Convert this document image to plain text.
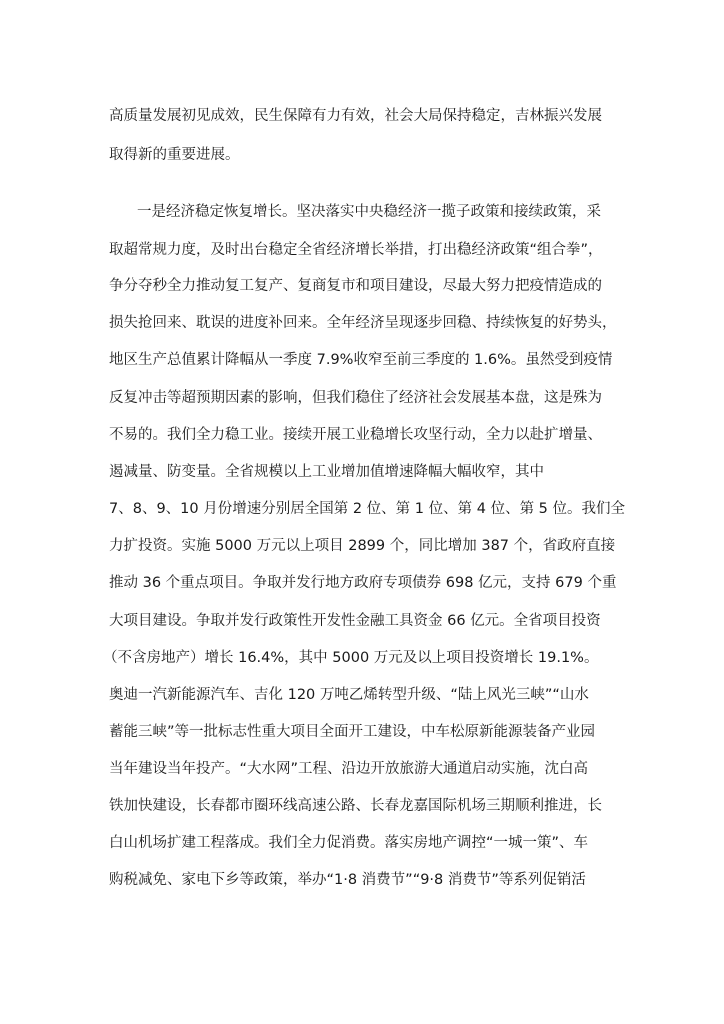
高质量发展初见成效，民生保障有力有效，社会大局保持稳定，吉林振兴发展
取得新的重要进展。
一是经济稳定恢复增长。坚决落实中央稳经济一揽子政策和接续政策，采
取超常规力度，及时出台稳定全省经济增长举措，打出稳经济政策“组合拳”，
争分夺秒全力推动复工复产、复商复市和项目建设，尽最大努力把疫情造成的
损失抢回来、耽误的进度补回来。全年经济呈现逐步回稳、持续恢复的好势头，
地区生产总值累计降幅从一季度 7.9%收窄至前三季度的 1.6%。虽然受到疫情
反复冲击等超预期因素的影响，但我们稳住了经济社会发展基本盘，这是殊为
不易的。我们全力稳工业。接续开展工业稳增长攻坚行动，全力以赴扩增量、
遏减量、防变量。全省规模以上工业增加值增速降幅大幅收窄，其中
7、8、9、10 月份增速分别居全国第 2 位、第 1 位、第 4 位、第 5 位。我们全
力扩投资。实施 5000 万元以上项目 2899 个，同比增加 387 个，省政府直接
推动 36 个重点项目。争取并发行地方政府专项债券 698 亿元，支持 679 个重
大项目建设。争取并发行政策性开发性金融工具资金 66 亿元。全省项目投资
（不含房地产）增长 16.4%，其中 5000 万元及以上项目投资增长 19.1%。
奥迪一汽新能源汽车、吉化 120 万吨乙烯转型升级、“陆上风光三峡”“山水
蓄能三峡”等一批标志性重大项目全面开工建设，中车松原新能源装备产业园
当年建设当年投产。“大水网”工程、沿边开放旅游大通道启动实施，沈白高
铁加快建设，长春都市圈环线高速公路、长春龙嘉国际机场三期顺利推进，长
白山机场扩建工程落成。我们全力促消费。落实房地产调控“一城一策”、车
购税减免、家电下乡等政策，举办“1·8 消费节”“9·8 消费节”等系列促销活
